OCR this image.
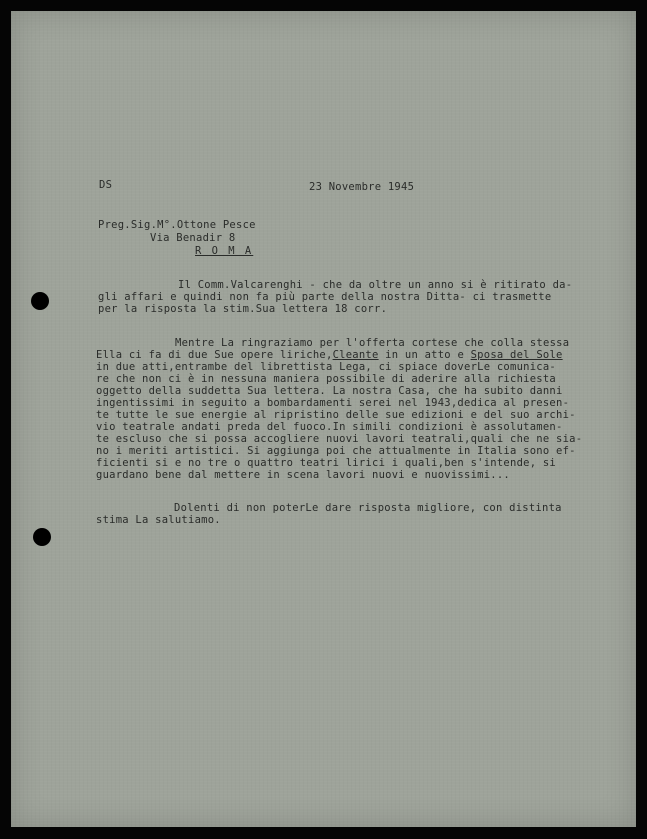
DS	23 Novembre 1945
Preg.Sig.M°.Ottone Pesce
Via Benadir 8
R O M A
Il Comm.Valcarenghi - che da oltre un anno si è ritirato da-
gli affari e quindi non fa più parte della nostra Ditta- ci trasmette
per la risposta la stim.Sua lettera 18 corr.
Mentre La ringraziamo per l'offerta cortese che colla stessa
Ella ci fa di due Sue opere liriche,Cleante in un atto e Sposa del Sole
in due atti,entrambe del librettista Lega, ci spiace doverLe comunica-
re che non ci è in nessuna maniera possibile di aderire alla richiesta
oggetto della suddetta Sua lettera. La nostra Casa, che ha subito danni
ingentissimi in seguito a bombardamenti serei nel 1943,dedica al presen-
te tutte le sue energie al ripristino delle sue edizioni e del suo archi-
vio teatrale andati preda del fuoco.In simili condizioni è assolutamen-
te escluso che si possa accogliere nuovi lavori teatrali,quali che ne sia-
no i meriti artistici. Si aggiunga poi che attualmente in Italia sono ef-
ficienti si e no tre o quattro teatri lirici i quali,ben s'intende, si
guardano bene dal mettere in scena lavori nuovi e nuovissimi...
Dolenti di non poterLe dare risposta migliore, con distinta
stima La salutiamo.
